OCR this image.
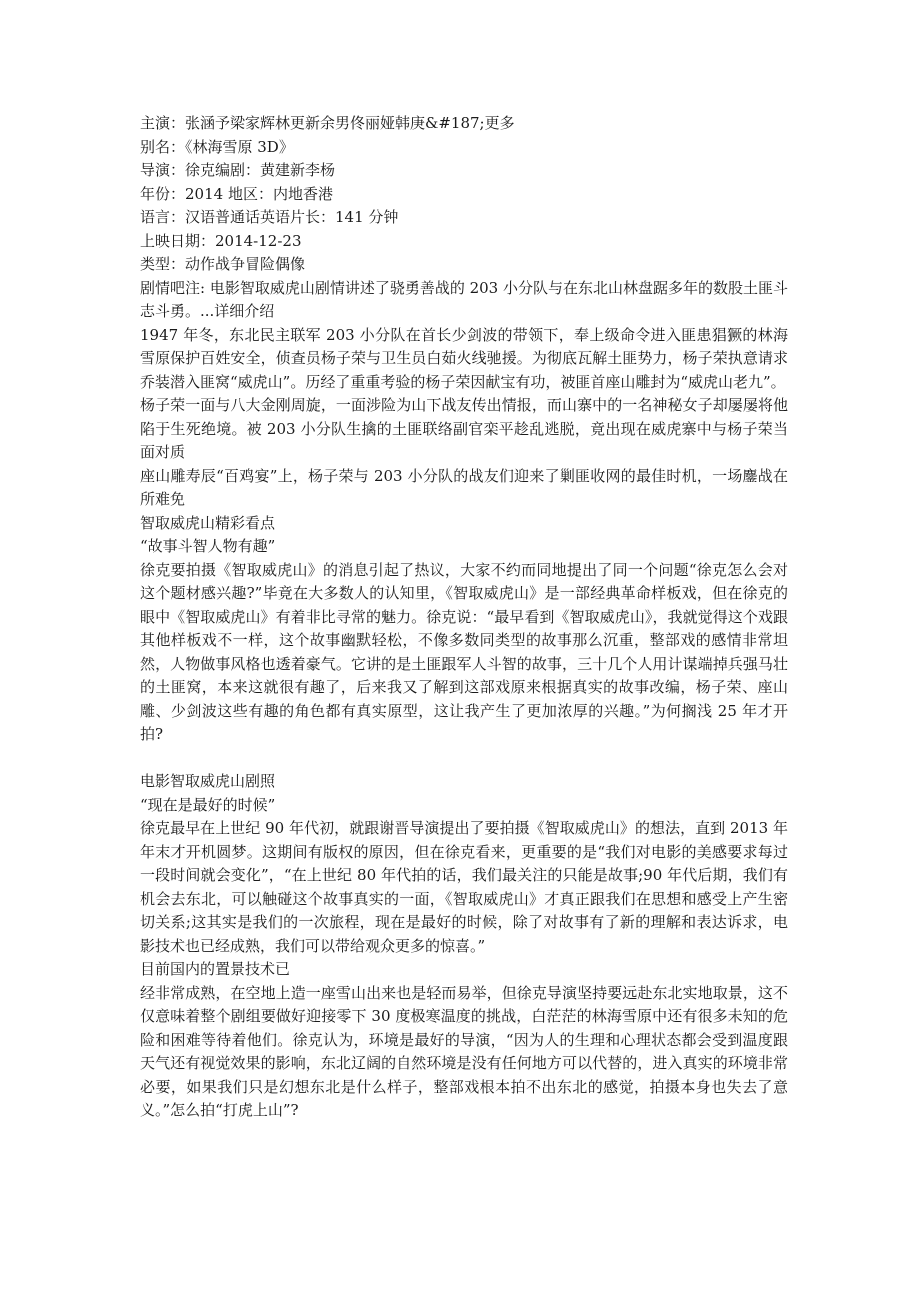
主演：张涵予梁家辉林更新余男佟丽娅韩庚&#187;更多

别名：《林海雪原 3D》

导演：徐克编剧：黄建新李杨

年份：2014 地区：内地香港

语言：汉语普通话英语片长：141 分钟

上映日期：2014-12-23

类型：动作战争冒险偶像

剧情吧注: 电影智取威虎山剧情讲述了骁勇善战的 203 小分队与在东北山林盘踞多年的数股土匪斗志斗勇。...详细介绍

1947 年冬，东北民主联军 203 小分队在首长少剑波的带领下，奉上级命令进入匪患猖獗的林海雪原保护百姓安全，侦查员杨子荣与卫生员白茹火线驰援。为彻底瓦解土匪势力，杨子荣执意请求乔装潜入匪窝“威虎山”。历经了重重考验的杨子荣因献宝有功，被匪首座山雕封为“威虎山老九”。

杨子荣一面与八大金刚周旋，一面涉险为山下战友传出情报，而山寨中的一名神秘女子却屡屡将他陷于生死绝境。被 203 小分队生擒的土匪联络副官栾平趁乱逃脱，竟出现在威虎寨中与杨子荣当面对质

座山雕寿辰“百鸡宴”上，杨子荣与 203 小分队的战友们迎来了剿匪收网的最佳时机，一场鏖战在所难免

智取威虎山精彩看点

“故事斗智人物有趣”

徐克要拍摄《智取威虎山》的消息引起了热议，大家不约而同地提出了同一个问题“徐克怎么会对这个题材感兴趣?”毕竟在大多数人的认知里，《智取威虎山》是一部经典革命样板戏，但在徐克的眼中《智取威虎山》有着非比寻常的魅力。徐克说：“最早看到《智取威虎山》，我就觉得这个戏跟其他样板戏不一样，这个故事幽默轻松，不像多数同类型的故事那么沉重，整部戏的感情非常坦然，人物做事风格也透着豪气。它讲的是土匪跟军人斗智的故事，三十几个人用计谋端掉兵强马壮的土匪窝，本来这就很有趣了，后来我又了解到这部戏原来根据真实的故事改编，杨子荣、座山雕、少剑波这些有趣的角色都有真实原型，这让我产生了更加浓厚的兴趣。”为何搁浅 25 年才开拍?

电影智取威虎山剧照

“现在是最好的时候”

徐克最早在上世纪 90 年代初，就跟谢晋导演提出了要拍摄《智取威虎山》的想法，直到 2013 年年末才开机圆梦。这期间有版权的原因，但在徐克看来，更重要的是“我们对电影的美感要求每过一段时间就会变化”，“在上世纪 80 年代拍的话，我们最关注的只能是故事;90 年代后期，我们有机会去东北，可以触碰这个故事真实的一面，《智取威虎山》才真正跟我们在思想和感受上产生密切关系;这其实是我们的一次旅程，现在是最好的时候，除了对故事有了新的理解和表达诉求，电影技术也已经成熟，我们可以带给观众更多的惊喜。”

目前国内的置景技术已

经非常成熟，在空地上造一座雪山出来也是轻而易举，但徐克导演坚持要远赴东北实地取景，这不仅意味着整个剧组要做好迎接零下 30 度极寒温度的挑战，白茫茫的林海雪原中还有很多未知的危险和困难等待着他们。徐克认为，环境是最好的导演，“因为人的生理和心理状态都会受到温度跟天气还有视觉效果的影响，东北辽阔的自然环境是没有任何地方可以代替的，进入真实的环境非常必要，如果我们只是幻想东北是什么样子，整部戏根本拍不出东北的感觉，拍摄本身也失去了意义。”怎么拍“打虎上山”?
